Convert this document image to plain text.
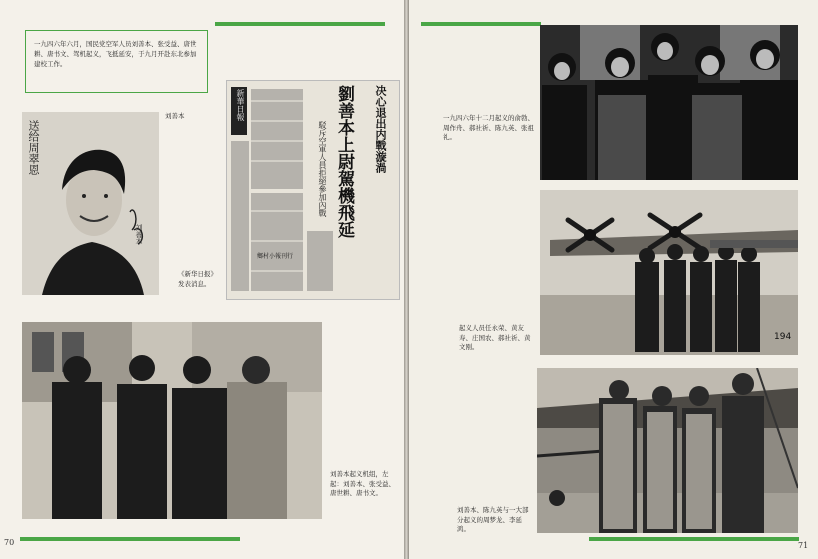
一九四六年六月，国民党空军人员刘善本、张受益、唐世耕、唐书文、驾机起义，飞抵延安，于九月开赴东北参加建校工作。
送给周翠恩
刘善本
刘善本	新華日報	劉善本上尉駕機飛延 决心退出内戰漩渦
駁斥空軍人員拒絕參加內戰
鄉村小報刊行
《新华日报》发表消息。
刘善本起义机组，左起：刘善本、张受益、唐世耕、唐书文。
70
一九四六年十二月起义的俞勃、周作舟、郝社祈、陈九英、张祖礼。
194
起义人员任永荣、黄友寿、庄国农、郝社祈、黄文刚。
刘善本、陈九英与一大部分起义的周梦龙、李延鸿。
71
